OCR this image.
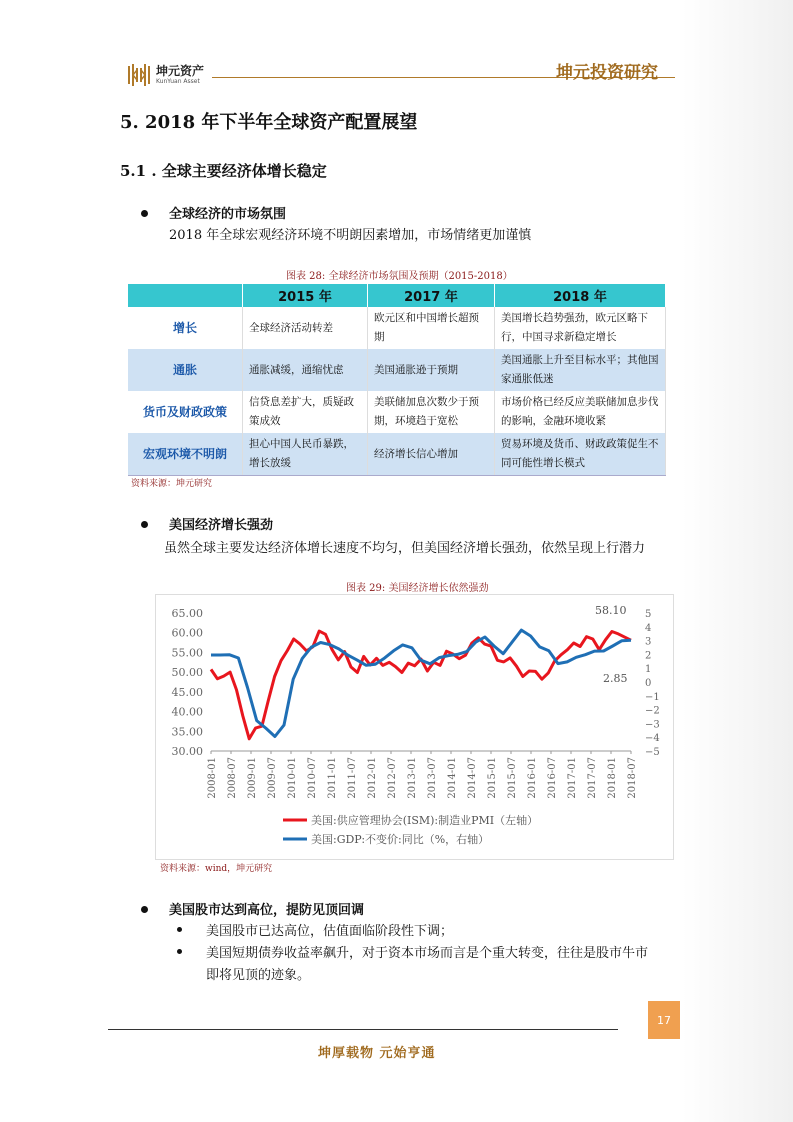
坤元资产
KunYuan Asset	坤元投资研究
5. 2018 年下半年全球资产配置展望
5.1 . 全球主要经济体增长稳定
全球经济的市场氛围
2018 年全球宏观经济环境不明朗因素增加，市场情绪更加谨慎
图表 28: 全球经济市场氛围及预期（2015-2018）
	2015 年	2017 年	2018 年
增长	全球经济活动转差	欧元区和中国增长超预期	美国增长趋势强劲，欧元区略下行，中国寻求新稳定增长
通胀	通胀减缓，通缩忧虑	美国通胀逊于预期	美国通胀上升至目标水平；其他国家通胀低迷
货币及财政政策	信贷息差扩大，质疑政策成效	美联储加息次数少于预期，环境趋于宽松	市场价格已经反应美联储加息步伐的影响，金融环境收紧
宏观环境不明朗	担心中国人民币暴跌，增长放缓	经济增长信心增加	贸易环境及货币、财政政策促生不同可能性增长模式
资料来源：坤元研究
美国经济增长强劲
虽然全球主要发达经济体增长速度不均匀，但美国经济增长强劲，依然呈现上行潜力
图表 29: 美国经济增长依然强劲
30.00
35.00
40.00
45.00
50.00
55.00
60.00
65.00
−5
−4
−3
−2
−1
0
1
2
3
4
5
2008-01 2008-07 2009-01 2009-07 2010-01 2010-07 2011-01 2011-07 2012-01 2012-07 2013-01 2013-07 2014-01 2014-07 2015-01 2015-07 2016-01 2016-07 2017-01 2017-07 2018-01 2018-07
58.10
2.85
美国:供应管理协会(ISM):制造业PMI（左轴）
美国:GDP:不变价:同比（%，右轴）
资料来源：wind，坤元研究
美国股市达到高位，提防见顶回调
美国股市已达高位，估值面临阶段性下调；
美国短期债券收益率飙升，对于资本市场而言是个重大转变，往往是股市牛市
即将见顶的迹象。
17
坤厚载物 元始亨通
